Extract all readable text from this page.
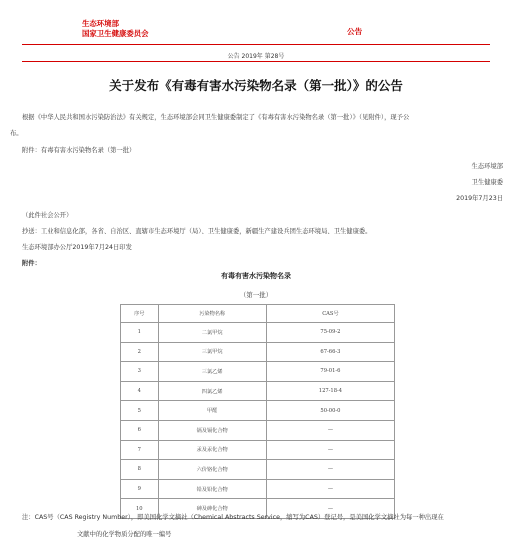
生态环境部
国家卫生健康委员会	公告
公告 2019年 第28号
关于发布《有毒有害水污染物名录（第一批）》的公告
根据《中华人民共和国水污染防治法》有关规定，生态环境部会同卫生健康委制定了《有毒有害水污染物名录（第一批）》（见附件），现予公
布。
附件：有毒有害水污染物名录（第一批）
生态环境部
卫生健康委
2019年7月23日
（此件社会公开）
抄送：工业和信息化部，各省、自治区、直辖市生态环境厅（局）、卫生健康委，新疆生产建设兵团生态环境局、卫生健康委。
生态环境部办公厅2019年7月24日印发
附件：
有毒有害水污染物名录
（第一批）
序号	污染物名称	CAS号
1	二氯甲烷	75-09-2
2	三氯甲烷	67-66-3
3	三氯乙烯	79-01-6
4	四氯乙烯	127-18-4
5	甲醛	50-00-0
6	镉及镉化合物	—
7	汞及汞化合物	—
8	六价铬化合物	—
9	铅及铅化合物	—
10	砷及砷化合物	—
注：CAS号（CAS Registry Number），即美国化学文摘社（Chemical Abstracts Service，缩写为CAS）登记号，是美国化学文摘社为每一种出现在
文献中的化学物质分配的唯一编号
